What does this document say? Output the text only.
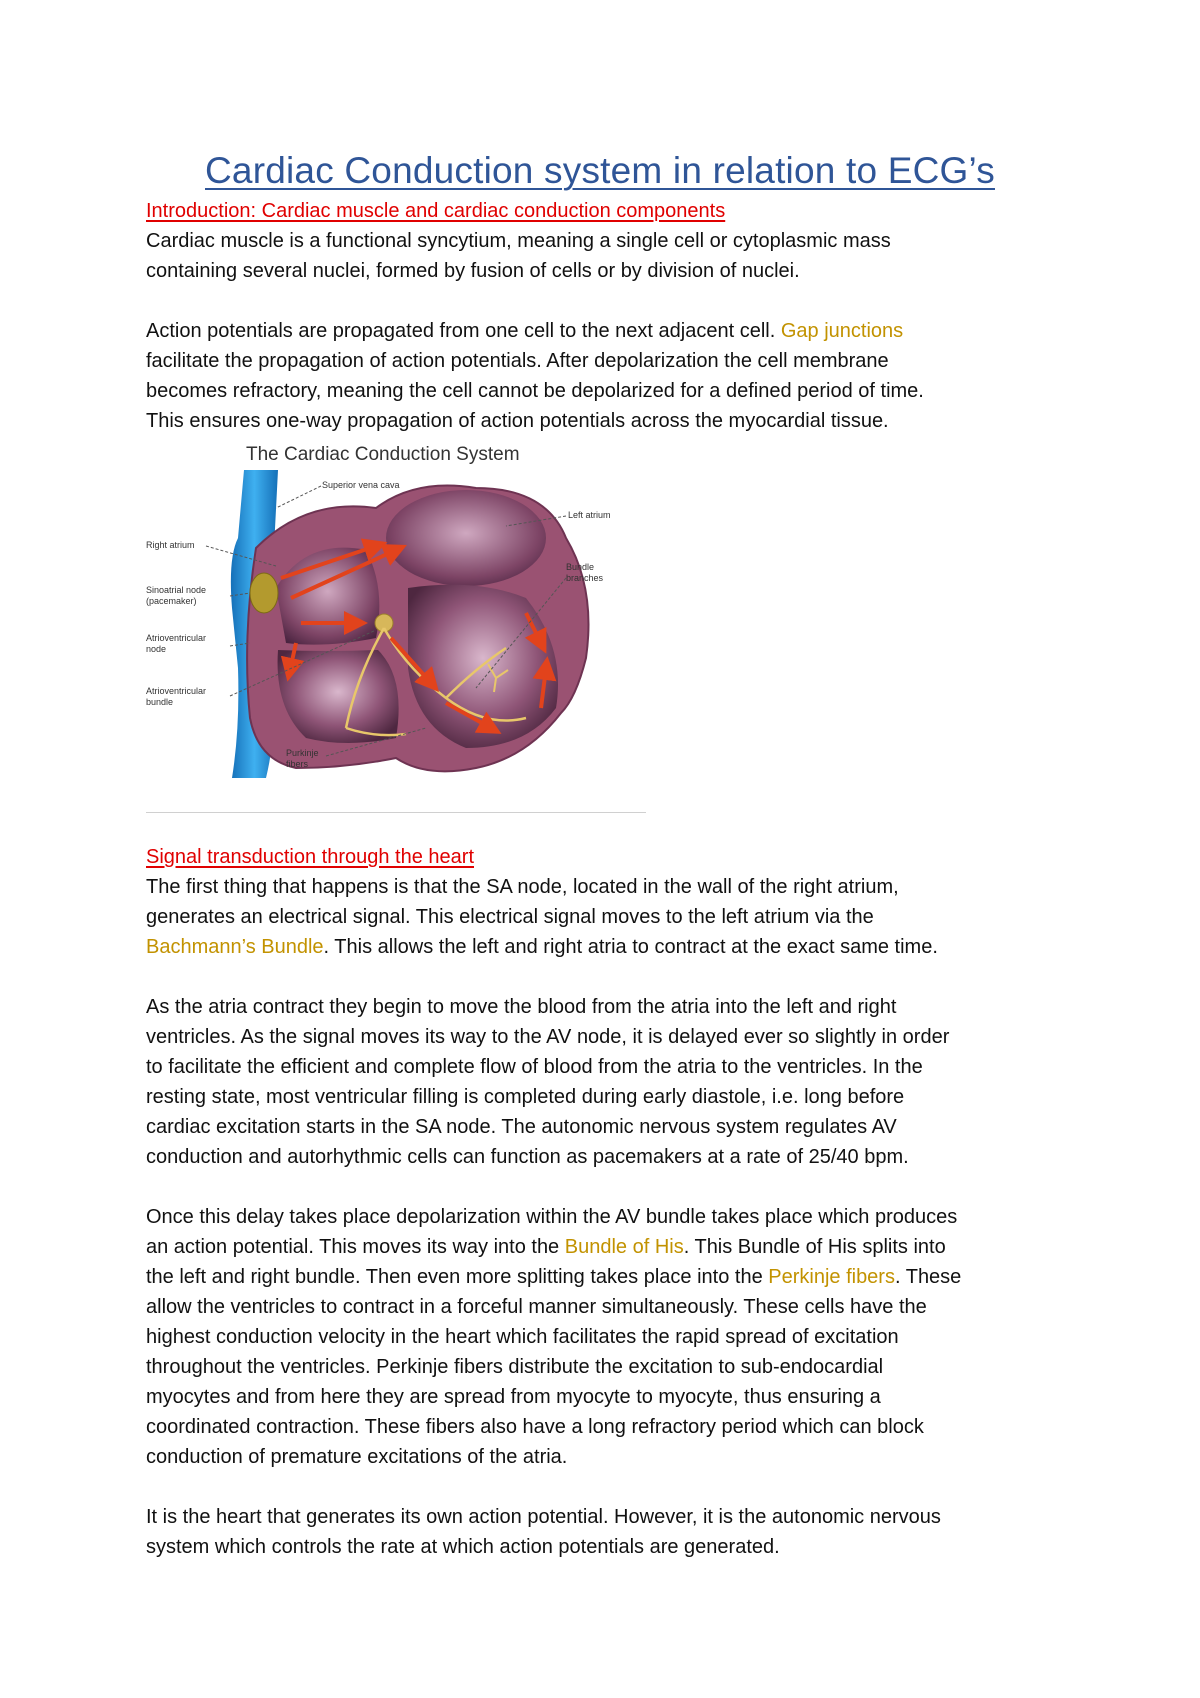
Cardiac Conduction system in relation to ECG’s
Introduction: Cardiac muscle and cardiac conduction components
Cardiac muscle is a functional syncytium, meaning a single cell or cytoplasmic mass
containing several nuclei, formed by fusion of cells or by division of nuclei.
Action potentials are propagated from one cell to the next adjacent cell. Gap junctions
facilitate the propagation of action potentials. After depolarization the cell membrane
becomes refractory, meaning the cell cannot be depolarized for a defined period of time.
This ensures one-way propagation of action potentials across the myocardial tissue.
The Cardiac Conduction System
Superior vena cava
Left atrium
Right atrium
Bundle
branches
Sinoatrial node
(pacemaker)
Atrioventricular
node
Atrioventricular
bundle
Purkinje
fibers
Signal transduction through the heart
The first thing that happens is that the SA node, located in the wall of the right atrium,
generates an electrical signal. This electrical signal moves to the left atrium via the
Bachmann’s Bundle. This allows the left and right atria to contract at the exact same time.
As the atria contract they begin to move the blood from the atria into the left and right
ventricles. As the signal moves its way to the AV node, it is delayed ever so slightly in order
to facilitate the efficient and complete flow of blood from the atria to the ventricles. In the
resting state, most ventricular filling is completed during early diastole, i.e. long before
cardiac excitation starts in the SA node. The autonomic nervous system regulates AV
conduction and autorhythmic cells can function as pacemakers at a rate of 25/40 bpm.
Once this delay takes place depolarization within the AV bundle takes place which produces
an action potential. This moves its way into the Bundle of His. This Bundle of His splits into
the left and right bundle. Then even more splitting takes place into the Perkinje fibers. These
allow the ventricles to contract in a forceful manner simultaneously. These cells have the
highest conduction velocity in the heart which facilitates the rapid spread of excitation
throughout the ventricles. Perkinje fibers distribute the excitation to sub-endocardial
myocytes and from here they are spread from myocyte to myocyte, thus ensuring a
coordinated contraction. These fibers also have a long refractory period which can block
conduction of premature excitations of the atria.
It is the heart that generates its own action potential. However, it is the autonomic nervous
system which controls the rate at which action potentials are generated.
